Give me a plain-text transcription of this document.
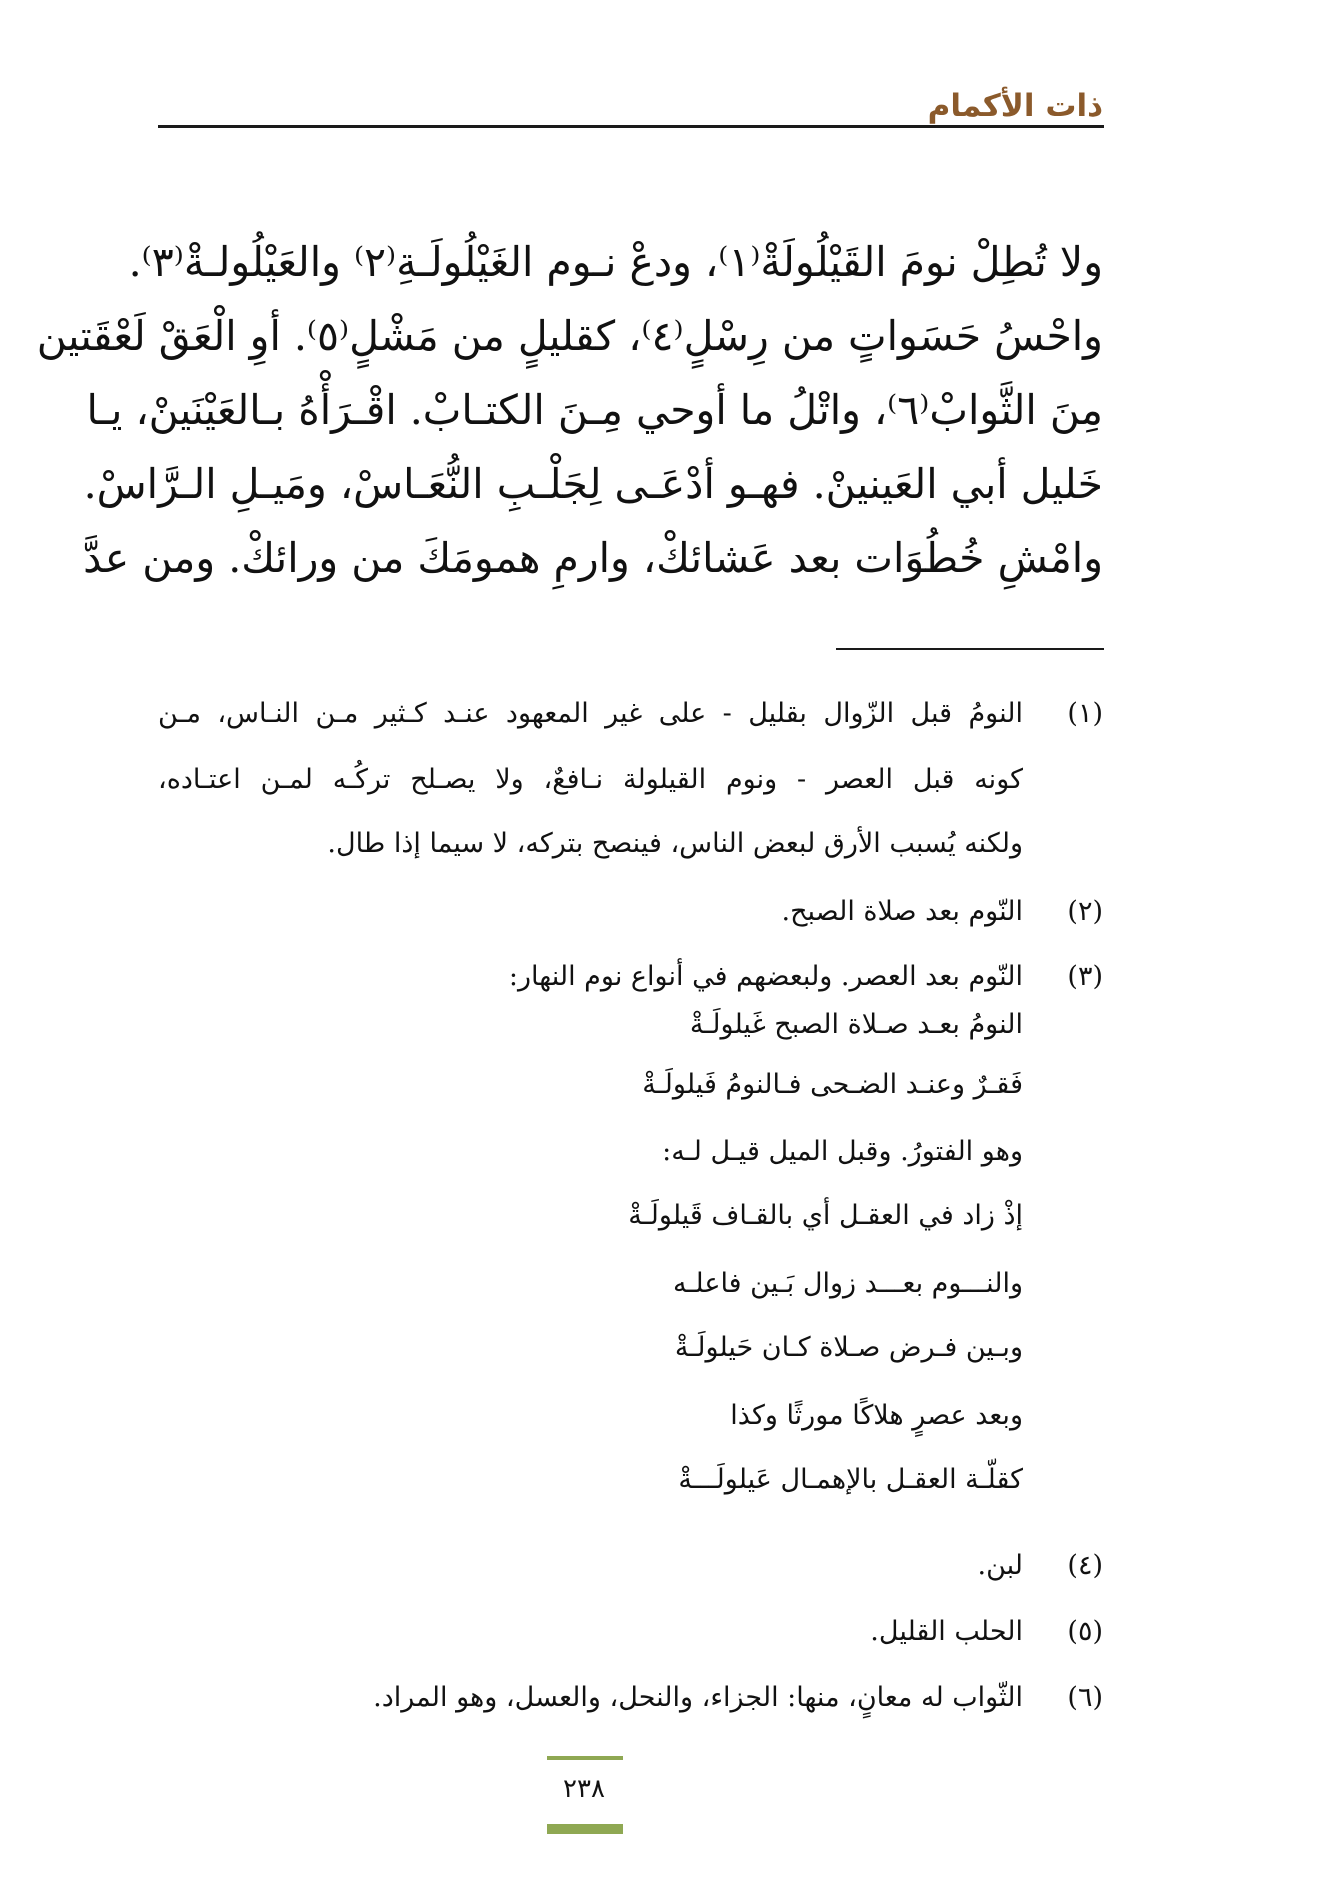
ذات الأكمام
ولا تُطِلْ نومَ القَيْلُولَةْ⁽١⁾، ودعْ نـوم الغَيْلُولَـةِ⁽٢⁾ والعَيْلُولـةْ⁽٣⁾.
واحْسُ حَسَواتٍ من رِسْلٍ⁽٤⁾، كقليلٍ من مَشْلٍ⁽٥⁾. أوِ الْعَقْ لَعْقَتين
مِنَ الثَّوابْ⁽٦⁾، واتْلُ ما أوحي مِـنَ الكتـابْ. اقْـرَأْهُ بـالعَيْنَينْ، يـا
خَليل أبي العَينينْ. فهـو أدْعَـى لِجَلْـبِ النُّعَـاسْ، ومَيـلِ الـرَّاسْ.
وامْشِ خُطُوَات بعد عَشائكْ، وارمِ همومَكَ من ورائكْ. ومن عدَّ
(١)
النومُ قبل الزّوال بقليل - على غير المعهود عنـد كـثير مـن النـاس، مـن
كونه قبل العصر - ونوم القيلولة نـافعٌ، ولا يصـلح تركُـه لمـن اعتـاده،
ولكنه يُسبب الأرق لبعض الناس، فينصح بتركه، لا سيما إذا طال.
(٢)
النّوم بعد صلاة الصبح.
(٣)
النّوم بعد العصر. ولبعضهم في أنواع نوم النهار:
النومُ بعـد صـلاة الصبح غَيلولَـةْ
فَقـرٌ وعنـد الضـحى فـالنومُ فَيلولَـةْ
وهو الفتورُ. وقبل الميل قيـل لـه:
إذْ زاد في العقـل أي بالقـاف قَيلولَـةْ
والنـــوم بعـــد زوال بَـين فاعلـه
وبـين فـرض صـلاة كـان حَيلولَـةْ
وبعد عصرٍ هلاكًا مورثًا وكذا
كقلّـة العقـل بالإهمـال عَيلولَـــةْ
(٤)
لبن.
(٥)
الحلب القليل.
(٦)
الثّواب له معانٍ، منها: الجزاء، والنحل، والعسل، وهو المراد.
٢٣٨
